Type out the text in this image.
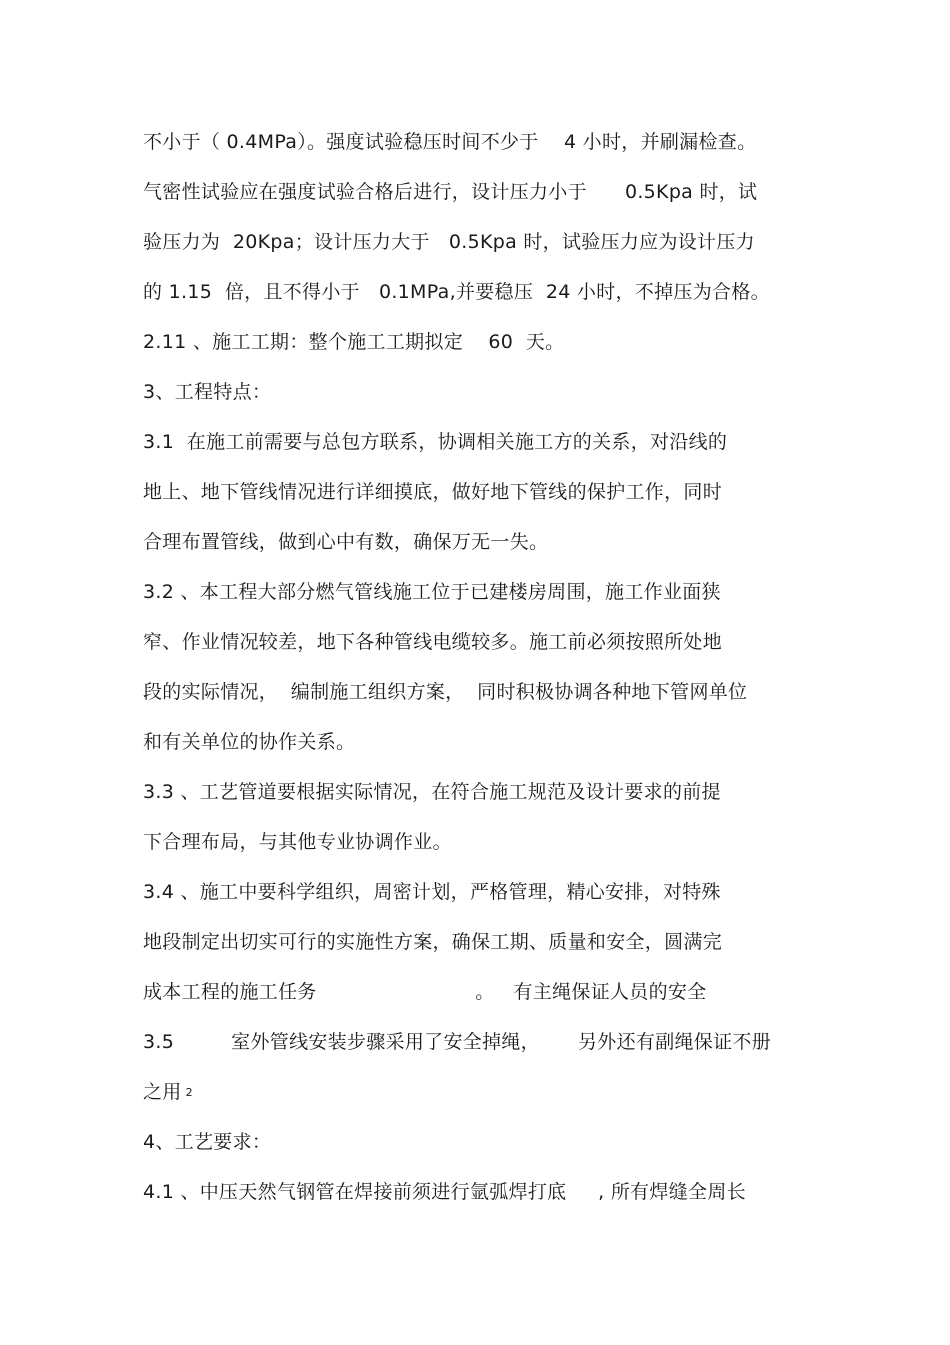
不小于（ 0.4MPa）。强度试验稳压时间不少于    4 小时，并刷漏检查。
气密性试验应在强度试验合格后进行，设计压力小于      0.5Kpa 时，试
验压力为  20Kpa；设计压力大于   0.5Kpa 时，试验压力应为设计压力
的 1.15  倍，且不得小于   0.1MPa,并要稳压  24 小时，不掉压为合格。
2.11 、施工工期：整个施工工期拟定    60  天。
3、工程特点：
3.1  在施工前需要与总包方联系，协调相关施工方的关系，对沿线的
地上、地下管线情况进行详细摸底，做好地下管线的保护工作，同时
合理布置管线，做到心中有数，确保万无一失。
3.2 、本工程大部分燃气管线施工位于已建楼房周围，施工作业面狭
窄、作业情况较差，地下各种管线电缆较多。施工前必须按照所处地
段的实际情况，  编制施工组织方案，  同时积极协调各种地下管网单位
和有关单位的协作关系。
3.3 、工艺管道要根据实际情况，在符合施工规范及设计要求的前提
下合理布局，与其他专业协调作业。
3.4 、施工中要科学组织，周密计划，严格管理，精心安排，对特殊
地段制定出切实可行的实施性方案，确保工期、质量和安全，圆满完
成本工程的施工任务                         。   有主绳保证人员的安全
3.5         室外管线安装步骤采用了安全掉绳，      另外还有副绳保证不册
之用 2
4、工艺要求：
4.1 、中压天然气钢管在焊接前须进行氩弧焊打底     , 所有焊缝全周长
